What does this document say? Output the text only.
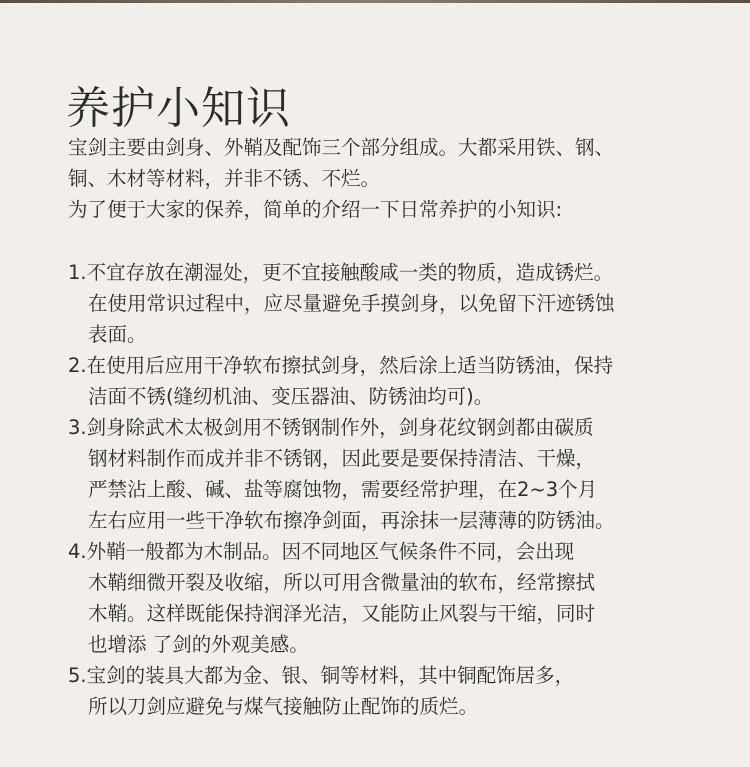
养护小知识
宝剑主要由剑身、外鞘及配饰三个部分组成。大都采用铁、钢、
铜、木材等材料，并非不锈、不烂。
为了便于大家的保养，简单的介绍一下日常养护的小知识:
1.不宜存放在潮湿处，更不宜接触酸咸一类的物质，造成锈烂。
在使用常识过程中，应尽量避免手摸剑身，以免留下汗迹锈蚀
表面。
2.在使用后应用干净软布擦拭剑身，然后涂上适当防锈油，保持
洁面不锈(缝纫机油、变压器油、防锈油均可)。
3.剑身除武术太极剑用不锈钢制作外，剑身花纹钢剑都由碳质
钢材料制作而成并非不锈钢，因此要是要保持清洁、干燥，
严禁沾上酸、碱、盐等腐蚀物，需要经常护理，在2~3个月
左右应用一些干净软布擦净剑面，再涂抹一层薄薄的防锈油。
4.外鞘一般都为木制品。因不同地区气候条件不同，会出现
木鞘细微开裂及收缩，所以可用含微量油的软布，经常擦拭
木鞘。这样既能保持润泽光洁，又能防止风裂与干缩，同时
也增添 了剑的外观美感。
5.宝剑的装具大都为金、银、铜等材料，其中铜配饰居多，
所以刀剑应避免与煤气接触防止配饰的质烂。
